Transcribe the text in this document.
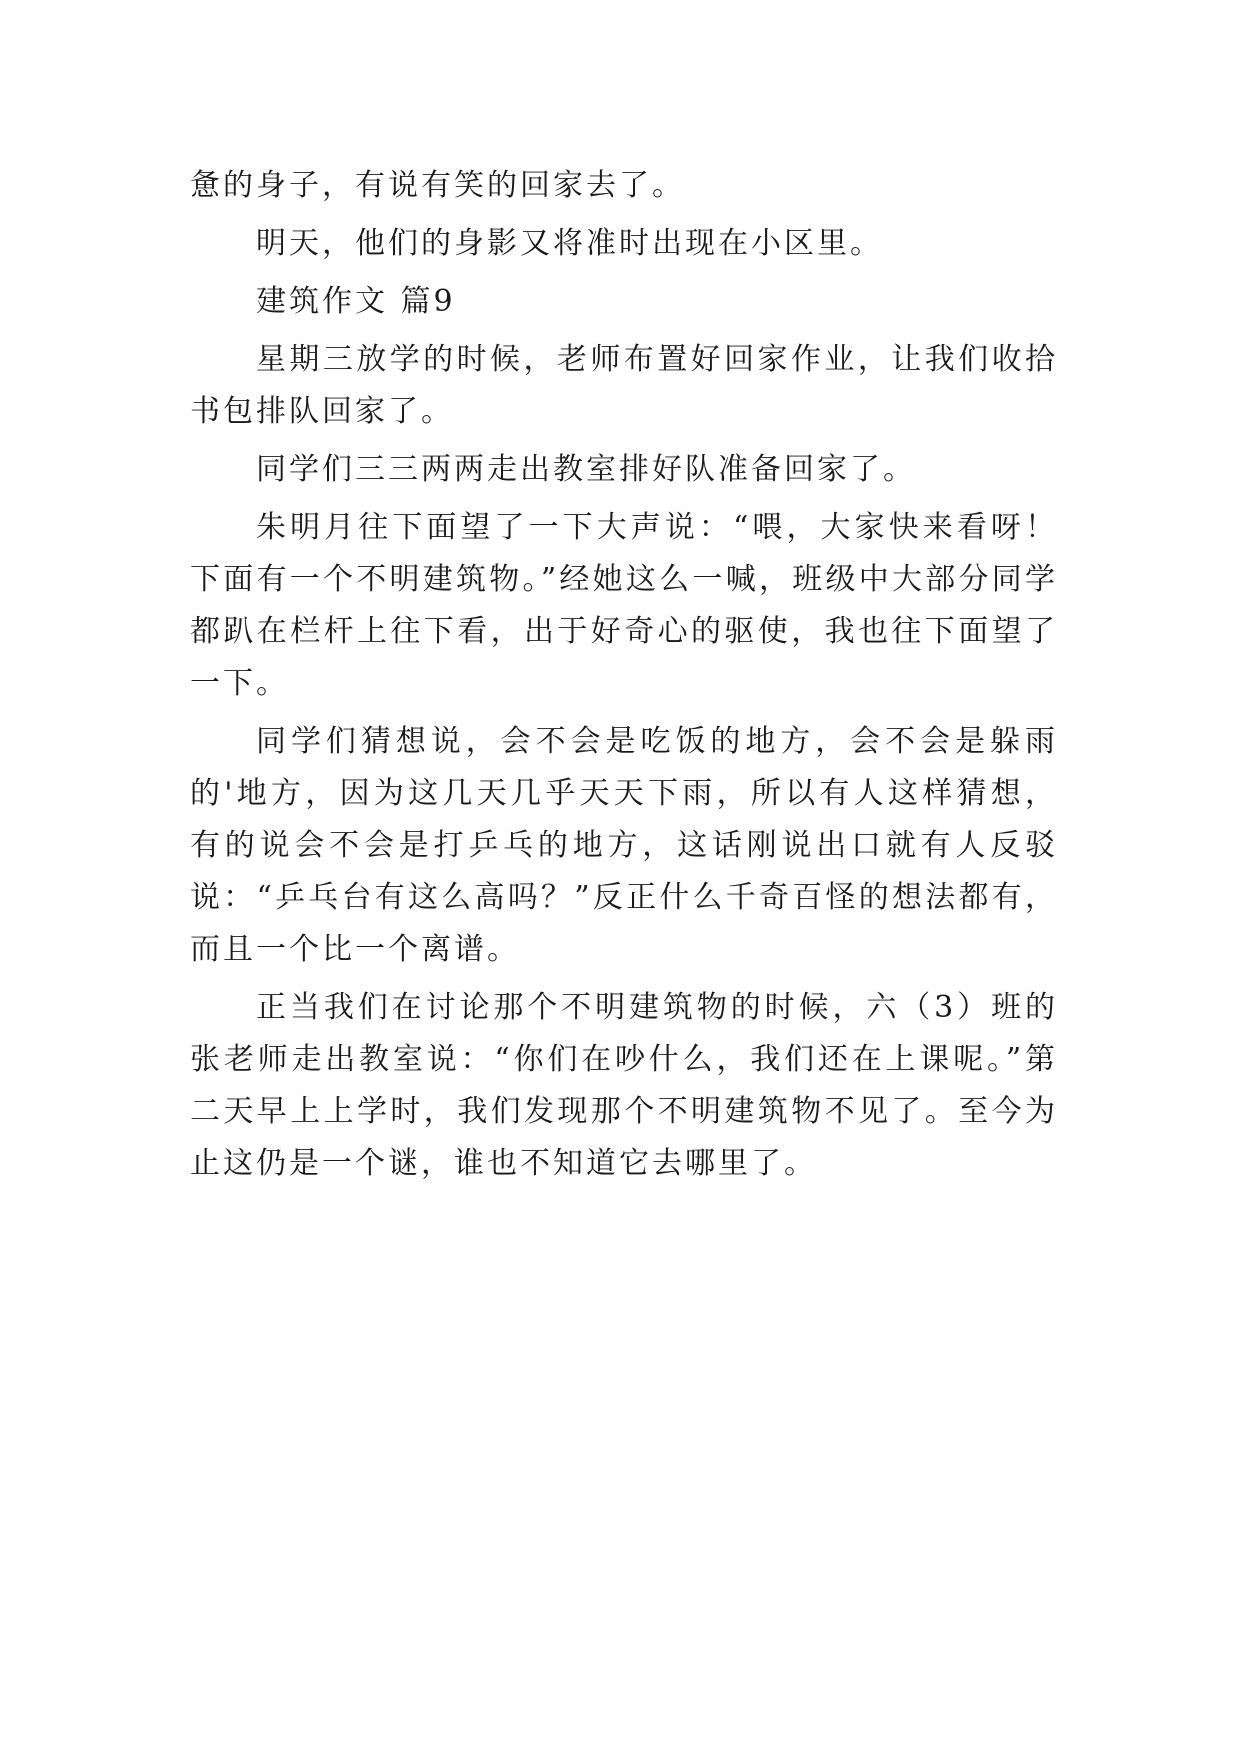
惫的身子，有说有笑的回家去了。

明天，他们的身影又将准时出现在小区里。

建筑作文 篇9

星期三放学的时候，老师布置好回家作业，让我们收拾书包排队回家了。

同学们三三两两走出教室排好队准备回家了。

朱明月往下面望了一下大声说：“喂，大家快来看呀！下面有一个不明建筑物。”经她这么一喊，班级中大部分同学都趴在栏杆上往下看，出于好奇心的驱使，我也往下面望了一下。

同学们猜想说，会不会是吃饭的地方，会不会是躲雨的'地方，因为这几天几乎天天下雨，所以有人这样猜想，有的说会不会是打乒乓的地方，这话刚说出口就有人反驳说：“乒乓台有这么高吗？”反正什么千奇百怪的想法都有，而且一个比一个离谱。

正当我们在讨论那个不明建筑物的时候，六（3）班的张老师走出教室说：“你们在吵什么，我们还在上课呢。”第二天早上上学时，我们发现那个不明建筑物不见了。至今为止这仍是一个谜，谁也不知道它去哪里了。
